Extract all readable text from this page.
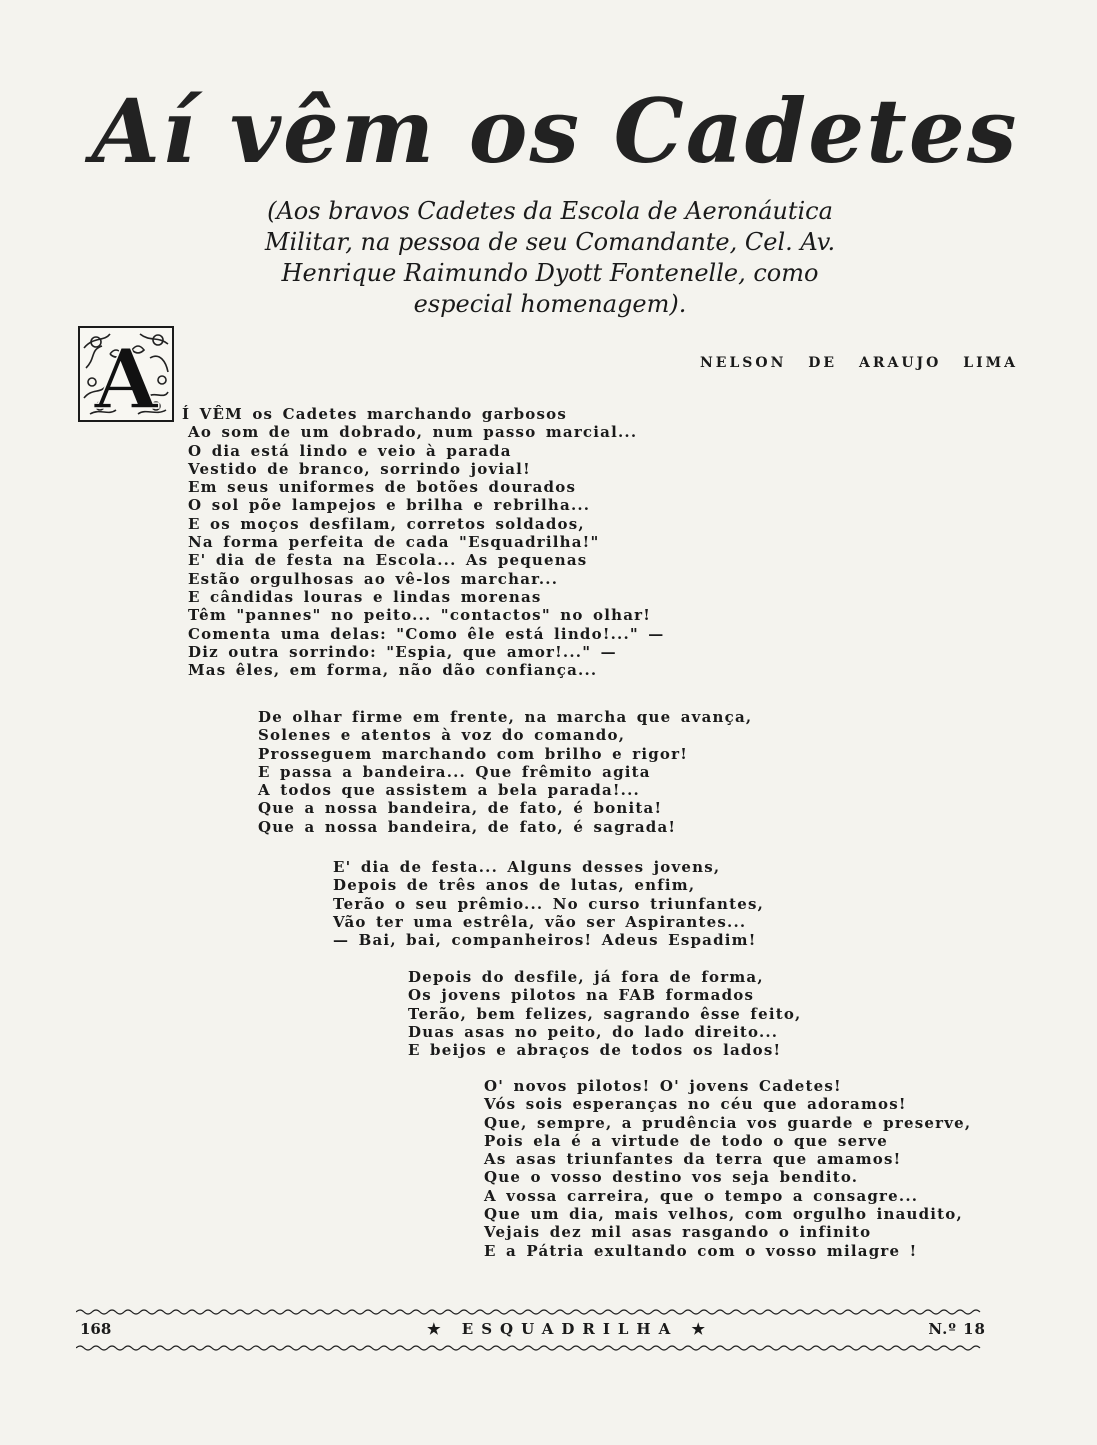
Aí vêm os Cadetes
(Aos bravos Cadetes da Escola de Aeronáutica
Militar, na pessoa de seu Comandante, Cel. Av.
Henrique Raimundo Dyott Fontenelle, como
especial homenagem).
A	NELSON DE ARAUJO LIMA
Í VÊM os Cadetes marchando garbosos
Ao som de um dobrado, num passo marcial...
O dia está lindo e veio à parada
Vestido de branco, sorrindo jovial!
Em seus uniformes de botões dourados
O sol põe lampejos e brilha e rebrilha...
E os moços desfilam, corretos soldados,
Na forma perfeita de cada "Esquadrilha!"
E' dia de festa na Escola... As pequenas
Estão orgulhosas ao vê-los marchar...
E cândidas louras e lindas morenas
Têm "pannes" no peito... "contactos" no olhar!
Comenta uma delas: "Como êle está lindo!..." —
Diz outra sorrindo: "Espia, que amor!..." —
Mas êles, em forma, não dão confiança...
De olhar firme em frente, na marcha que avança,
Solenes e atentos à voz do comando,
Prosseguem marchando com brilho e rigor!
E passa a bandeira... Que frêmito agita
A todos que assistem a bela parada!...
Que a nossa bandeira, de fato, é bonita!
Que a nossa bandeira, de fato, é sagrada!
E' dia de festa... Alguns desses jovens,
Depois de três anos de lutas, enfim,
Terão o seu prêmio... No curso triunfantes,
Vão ter uma estrêla, vão ser Aspirantes...
— Bai, bai, companheiros! Adeus Espadim!
Depois do desfile, já fora de forma,
Os jovens pilotos na FAB formados
Terão, bem felizes, sagrando êsse feito,
Duas asas no peito, do lado direito...
E beijos e abraços de todos os lados!
O' novos pilotos! O' jovens Cadetes!
Vós sois esperanças no céu que adoramos!
Que, sempre, a prudência vos guarde e preserve,
Pois ela é a virtude de todo o que serve
As asas triunfantes da terra que amamos!
Que o vosso destino vos seja bendito.
A vossa carreira, que o tempo a consagre...
Que um dia, mais velhos, com orgulho inaudito,
Vejais dez mil asas rasgando o infinito
E a Pátria exultando com o vosso milagre !
168	★ ESQUADRILHA ★	N.º 18
